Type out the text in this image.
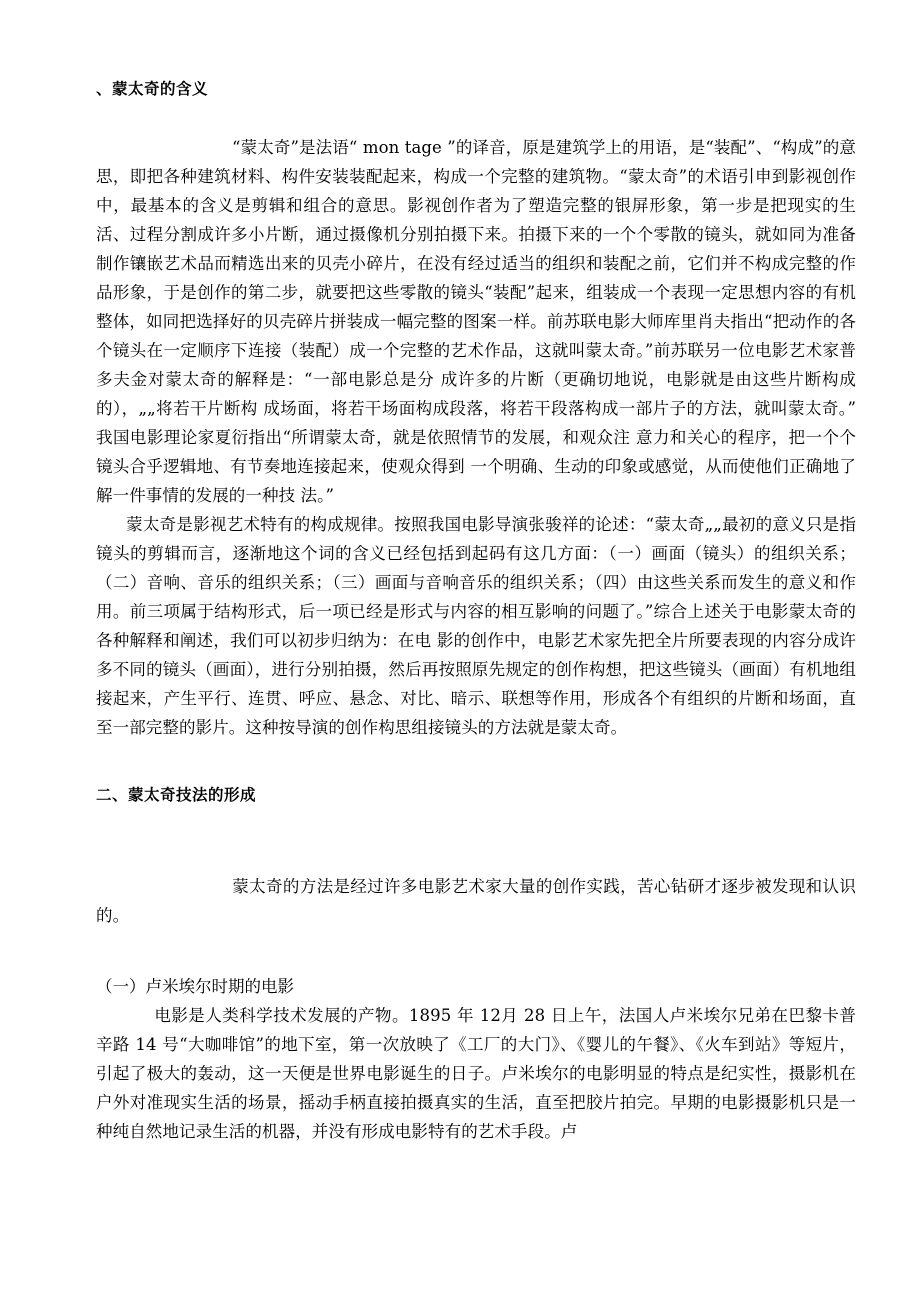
、蒙太奇的含义

“蒙太奇”是法语“ mon tage ”的译音，原是建筑学上的用语，是“装配”、“构成”的意思，即把各种建筑材料、构件安装装配起来，构成一个完整的建筑物。“蒙太奇”的术语引申到影视创作中，最基本的含义是剪辑和组合的意思。影视创作者为了塑造完整的银屏形象，第一步是把现实的生活、过程分割成许多小片断，通过摄像机分别拍摄下来。拍摄下来的一个个零散的镜头，就如同为准备制作镶嵌艺术品而精选出来的贝壳小碎片，在没有经过适当的组织和装配之前，它们并不构成完整的作品形象，于是创作的第二步，就要把这些零散的镜头“装配”起来，组装成一个表现一定思想内容的有机整体，如同把选择好的贝壳碎片拼装成一幅完整的图案一样。前苏联电影大师库里肖夫指出“把动作的各个镜头在一定顺序下连接（装配）成一个完整的艺术作品，这就叫蒙太奇。”前苏联另一位电影艺术家普多夫金对蒙太奇的解释是：“一部电影总是分 成许多的片断（更确切地说，电影就是由这些片断构成的），„„将若干片断构 成场面，将若干场面构成段落，将若干段落构成一部片子的方法，就叫蒙太奇。” 我国电影理论家夏衍指出“所谓蒙太奇，就是依照情节的发展，和观众注 意力和关心的程序，把一个个镜头合乎逻辑地、有节奏地连接起来，使观众得到 一个明确、生动的印象或感觉，从而使他们正确地了解一件事情的发展的一种技 法。”

蒙太奇是影视艺术特有的构成规律。按照我国电影导演张骏祥的论述：“蒙太奇„„最初的意义只是指镜头的剪辑而言，逐渐地这个词的含义已经包括到起码有这几方面：（一）画面（镜头）的组织关系；（二）音响、音乐的组织关系；（三）画面与音响音乐的组织关系；（四）由这些关系而发生的意义和作用。前三项属于结构形式，后一项已经是形式与内容的相互影响的问题了。”综合上述关于电影蒙太奇的各种解释和阐述，我们可以初步归纳为：在电 影的创作中，电影艺术家先把全片所要表现的内容分成许多不同的镜头（画面），进行分别拍摄，然后再按照原先规定的创作构想，把这些镜头（画面）有机地组接起来，产生平行、连贯、呼应、悬念、对比、暗示、联想等作用，形成各个有组织的片断和场面，直至一部完整的影片。这种按导演的创作构思组接镜头的方法就是蒙太奇。

二、蒙太奇技法的形成

蒙太奇的方法是经过许多电影艺术家大量的创作实践，苦心钻研才逐步被发现和认识的。

（一）卢米埃尔时期的电影

电影是人类科学技术发展的产物。1895 年 12月 28 日上午，法国人卢米埃尔兄弟在巴黎卡普辛路 14 号“大咖啡馆”的地下室，第一次放映了《工厂的大门》、《婴儿的午餐》、《火车到站》等短片，引起了极大的轰动，这一天便是世界电影诞生的日子。卢米埃尔的电影明显的特点是纪实性，摄影机在户外对准现实生活的场景，摇动手柄直接拍摄真实的生活，直至把胶片拍完。早期的电影摄影机只是一种纯自然地记录生活的机器，并没有形成电影特有的艺术手段。卢
